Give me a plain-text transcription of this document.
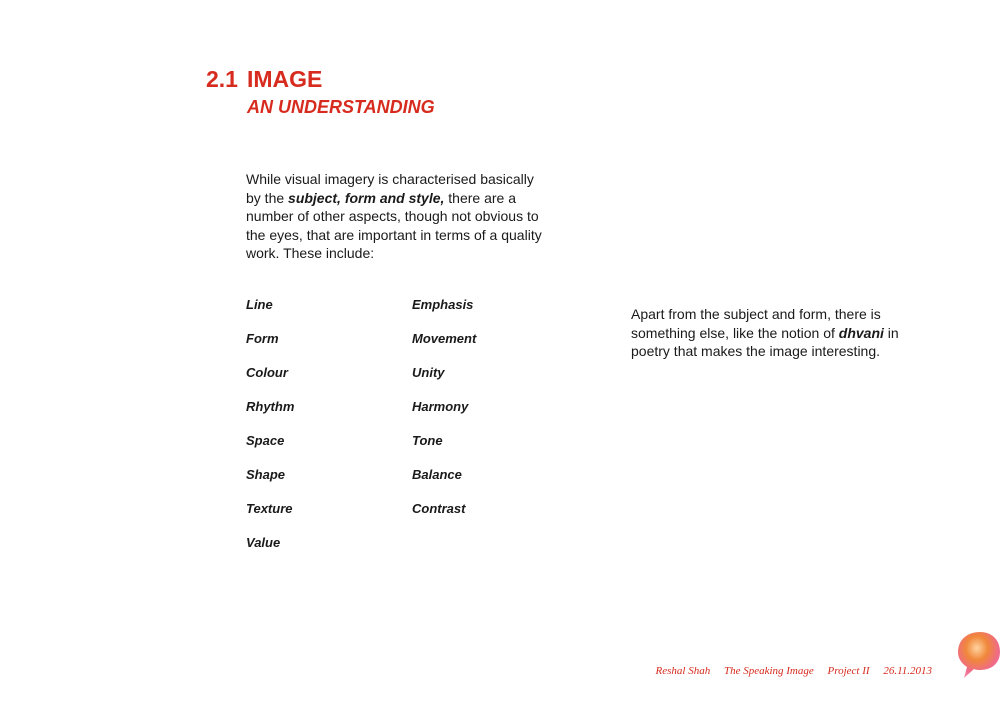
2.1 IMAGE
AN UNDERSTANDING

While visual imagery is characterised basically by the subject, form and style, there are a number of other aspects, though not obvious to the eyes, that are important in terms of a quality work. These include:

Line
Form
Colour
Rhythm
Space
Shape
Texture
Value
Emphasis
Movement
Unity
Harmony
Tone
Balance
Contrast

Apart from the subject and form, there is something else, like the notion of dhvani in poetry that makes the image interesting.

Reshal Shah The Speaking Image Project II 26.11.2013
